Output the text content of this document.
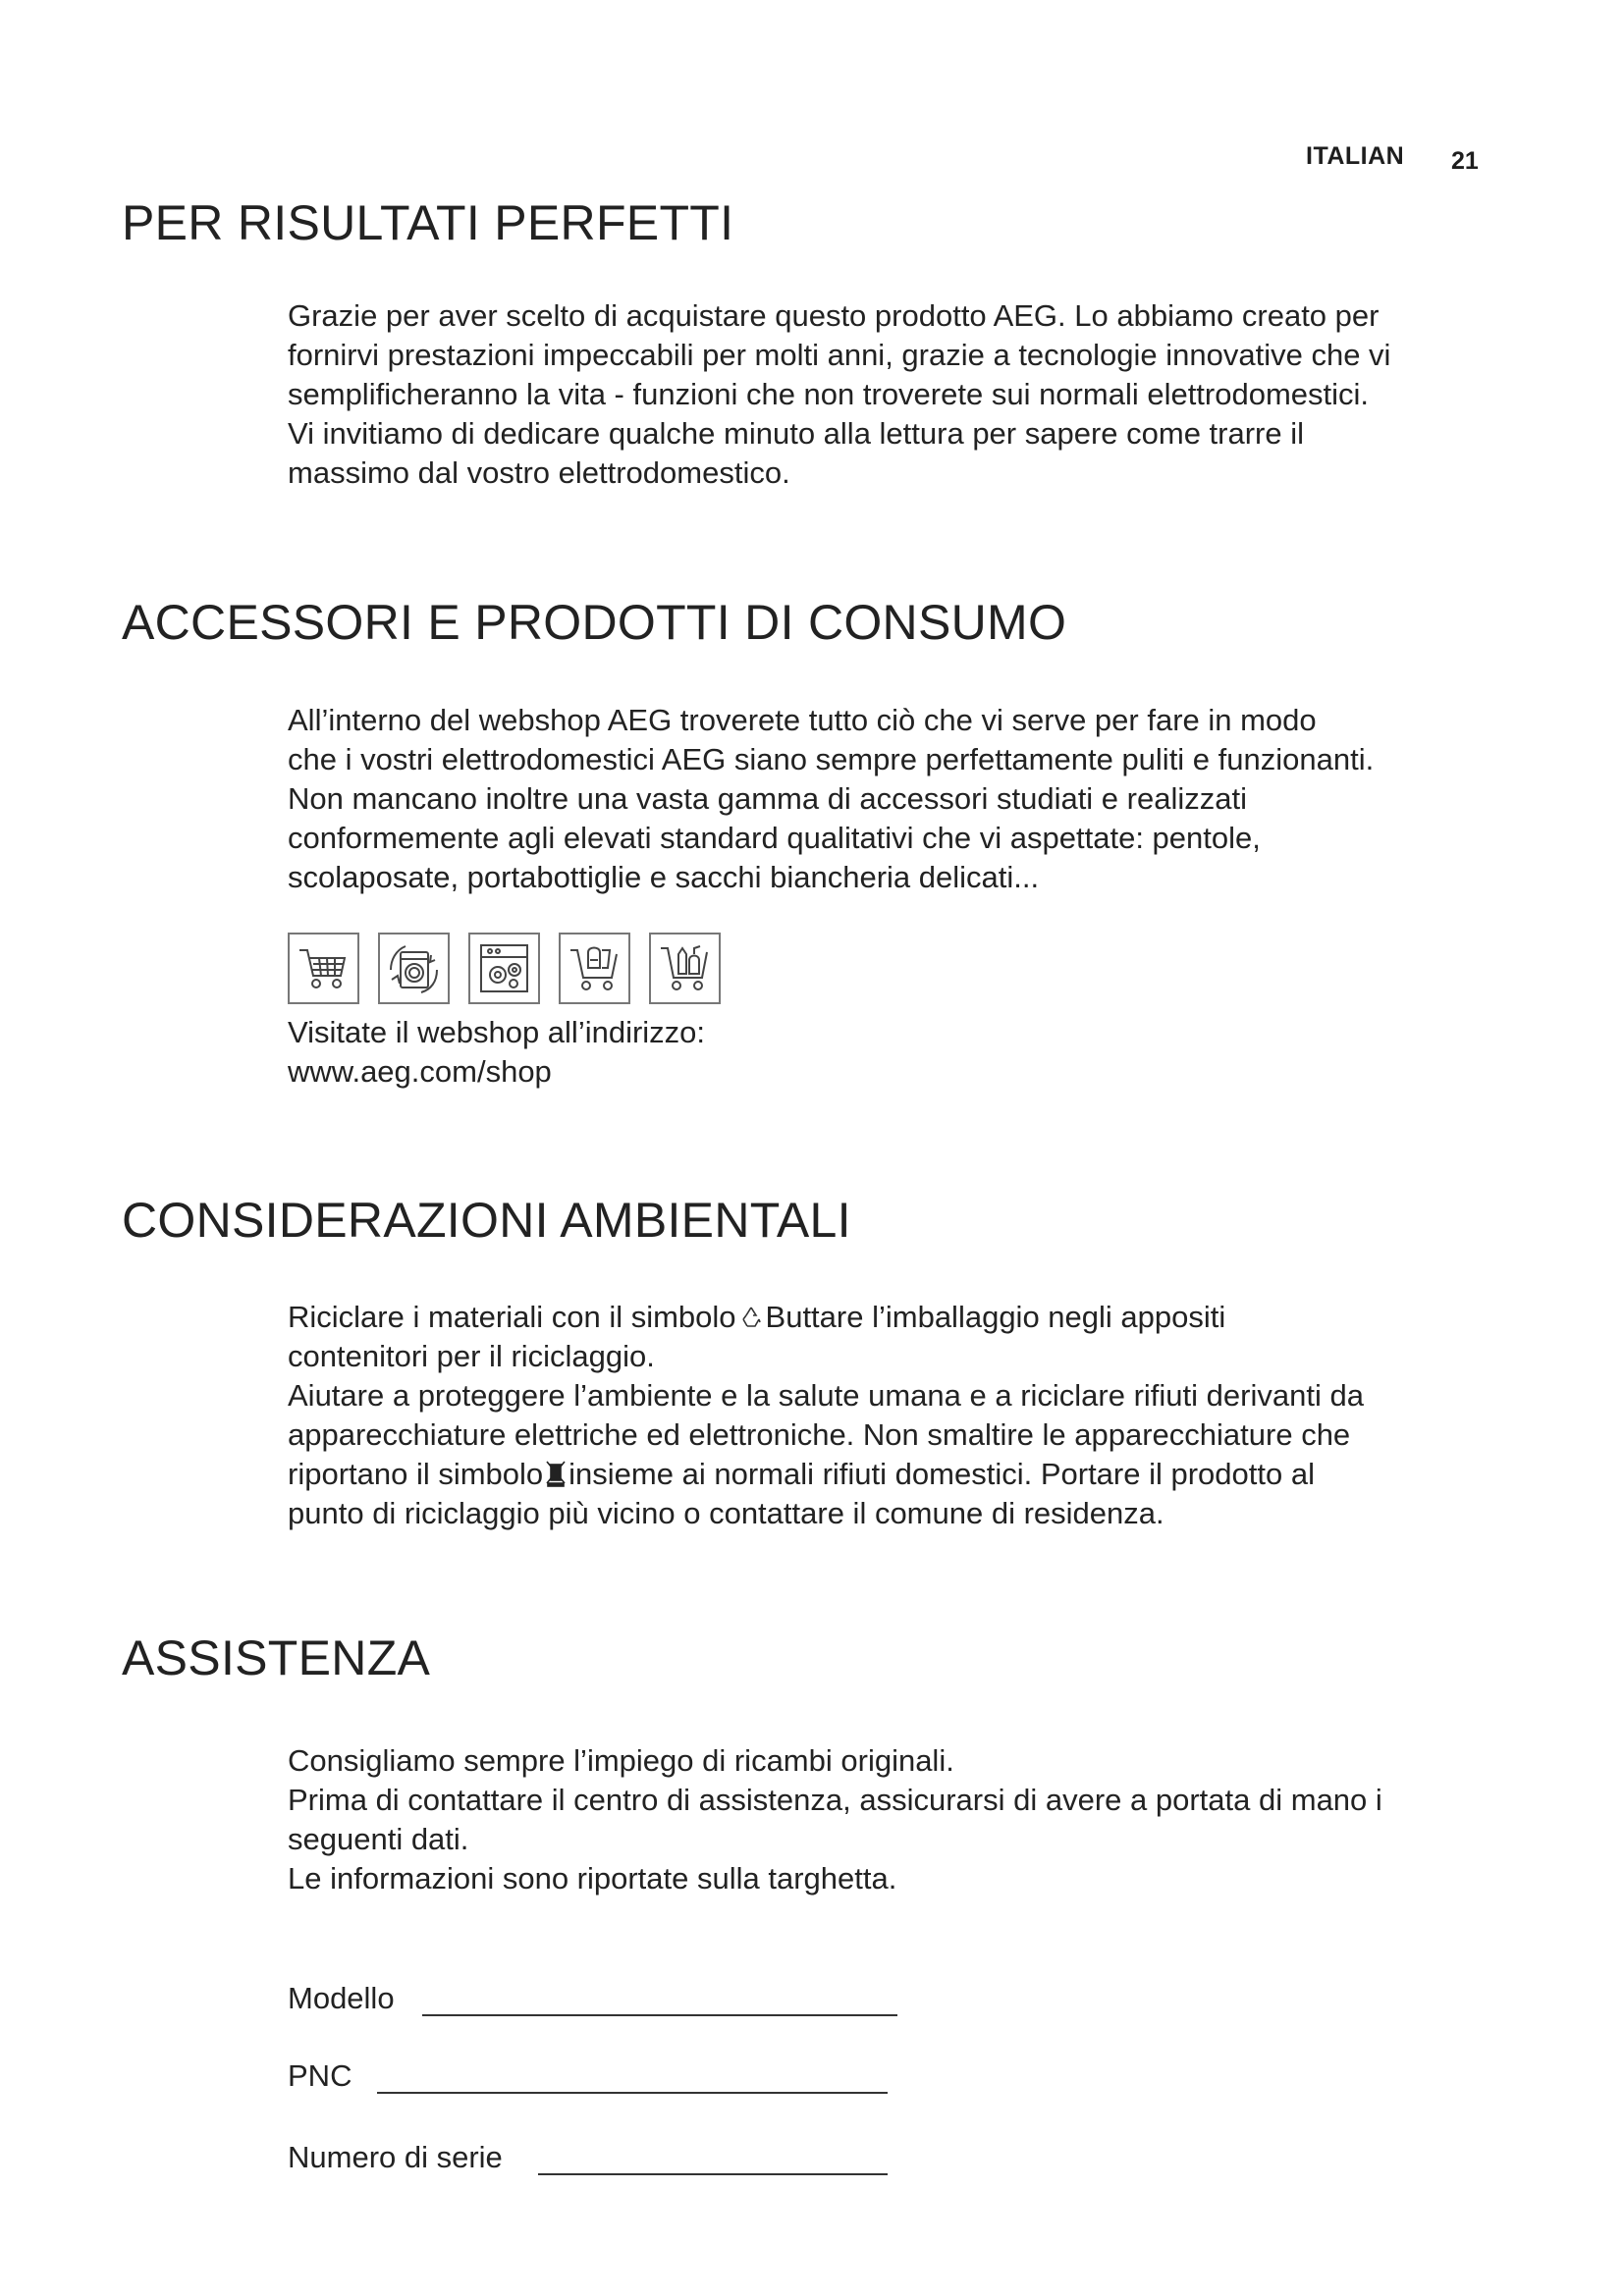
ITALIAN 21
PER RISULTATI PERFETTI
Grazie per aver scelto di acquistare questo prodotto AEG. Lo abbiamo creato per
fornirvi prestazioni impeccabili per molti anni, grazie a tecnologie innovative che vi
semplificheranno la vita - funzioni che non troverete sui normali elettrodomestici.
Vi invitiamo di dedicare qualche minuto alla lettura per sapere come trarre il
massimo dal vostro elettrodomestico.
ACCESSORI E PRODOTTI DI CONSUMO
All’interno del webshop AEG troverete tutto ciò che vi serve per fare in modo
che i vostri elettrodomestici AEG siano sempre perfettamente puliti e funzionanti.
Non mancano inoltre una vasta gamma di accessori studiati e realizzati
conformemente agli elevati standard qualitativi che vi aspettate: pentole,
scolaposate, portabottiglie e sacchi biancheria delicati...
Visitate il webshop all’indirizzo:
www.aeg.com/shop
CONSIDERAZIONI AMBIENTALI
Riciclare i materiali con il simbolo Buttare l’imballaggio negli appositi
contenitori per il riciclaggio.
Aiutare a proteggere l’ambiente e la salute umana e a riciclare rifiuti derivanti da
apparecchiature elettriche ed elettroniche. Non smaltire le apparecchiature che
riportano il simbolo insieme ai normali rifiuti domestici. Portare il prodotto al
punto di riciclaggio più vicino o contattare il comune di residenza.
ASSISTENZA
Consigliamo sempre l’impiego di ricambi originali.
Prima di contattare il centro di assistenza, assicurarsi di avere a portata di mano i
seguenti dati.
Le informazioni sono riportate sulla targhetta.
Modello
PNC
Numero di serie
